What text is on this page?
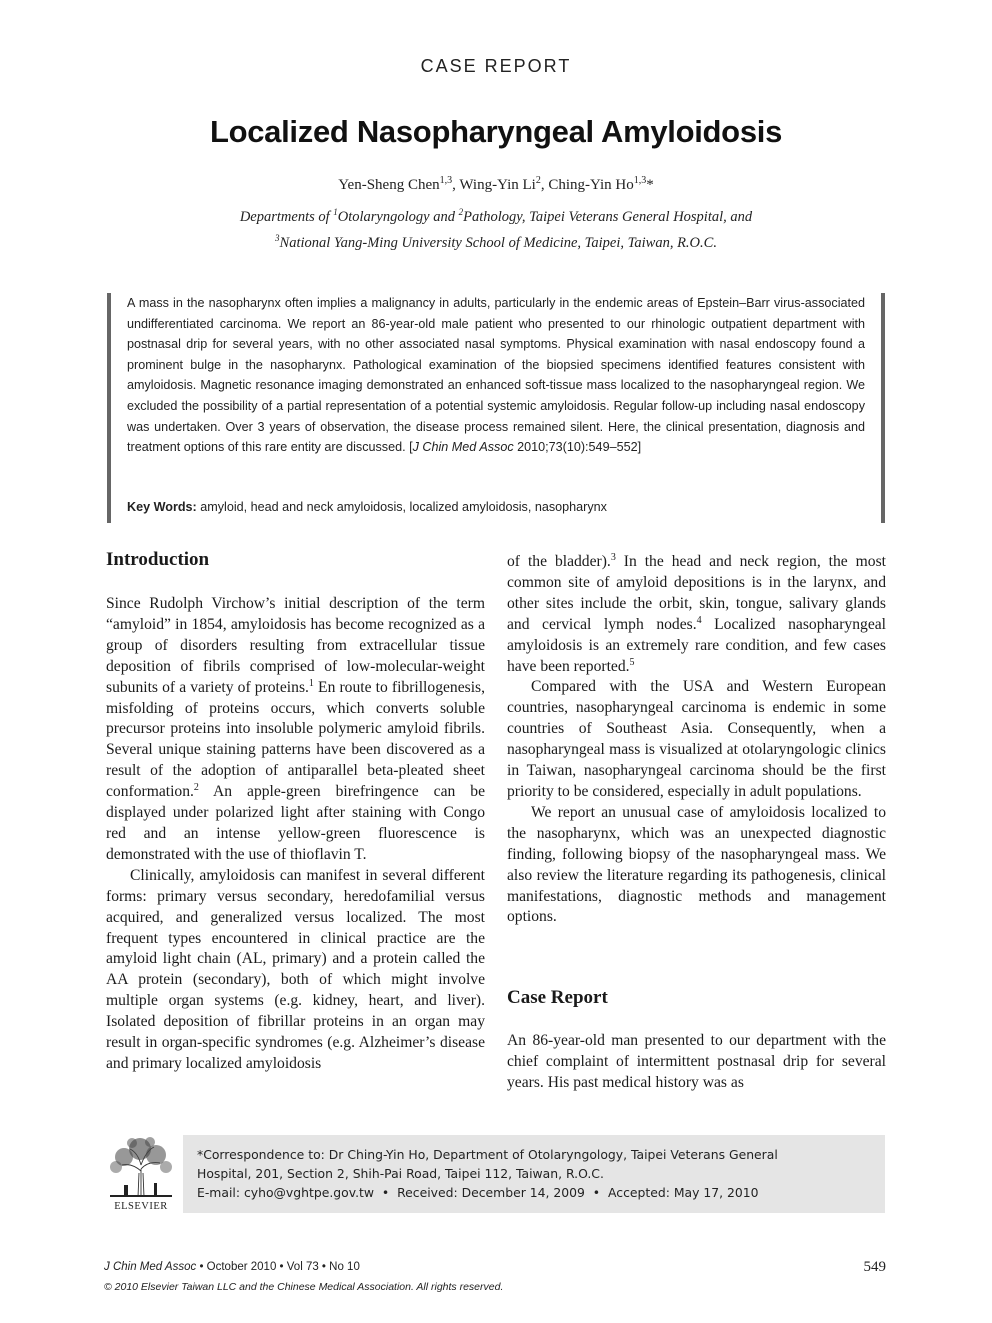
CASE REPORT
Localized Nasopharyngeal Amyloidosis
Yen-Sheng Chen$^{1,3}$, Wing-Yin Li$^2$, Ching-Yin Ho$^{1,3}$*
Departments of $^1$Otolaryngology and $^2$Pathology, Taipei Veterans General Hospital, and
$^3$National Yang-Ming University School of Medicine, Taipei, Taiwan, R.O.C.
A mass in the nasopharynx often implies a malignancy in adults, particularly in the endemic areas of Epstein–Barr virus-associated undifferentiated carcinoma. We report an 86-year-old male patient who presented to our rhinologic outpatient department with postnasal drip for several years, with no other associated nasal symptoms. Physical examination with nasal endoscopy found a prominent bulge in the nasopharynx. Pathological examination of the biopsied specimens identified features consistent with amyloidosis. Magnetic resonance imaging demonstrated an enhanced soft-tissue mass localized to the nasopharyngeal region. We excluded the possibility of a partial representation of a potential systemic amyloidosis. Regular follow-up including nasal endoscopy was undertaken. Over 3 years of observation, the disease process remained silent. Here, the clinical presentation, diagnosis and treatment options of this rare entity are discussed. [J Chin Med Assoc 2010;73(10):549–552]
Key Words: amyloid, head and neck amyloidosis, localized amyloidosis, nasopharynx
Introduction

Since Rudolph Virchow’s initial description of the term “amyloid” in 1854, amyloidosis has become recognized as a group of disorders resulting from extracellular tissue deposition of fibrils comprised of low-molecular-weight subunits of a variety of proteins.$^1$ En route to fibrillogenesis, misfolding of proteins occurs, which converts soluble precursor proteins into insoluble polymeric amyloid fibrils. Several unique staining patterns have been discovered as a result of the adoption of antiparallel beta-pleated sheet conformation.$^2$ An apple-green birefringence can be displayed under polarized light after staining with Congo red and an intense yellow-green fluorescence is demonstrated with the use of thioflavin T.

Clinically, amyloidosis can manifest in several different forms: primary versus secondary, heredofamilial versus acquired, and generalized versus localized. The most frequent types encountered in clinical practice are the amyloid light chain (AL, primary) and a protein called the AA protein (secondary), both of which might involve multiple organ systems (e.g. kidney, heart, and liver). Isolated deposition of fibrillar proteins in an organ may result in organ-specific syndromes (e.g. Alzheimer’s disease and primary localized amyloidosis

of the bladder).$^3$ In the head and neck region, the most common site of amyloid depositions is in the larynx, and other sites include the orbit, skin, tongue, salivary glands and cervical lymph nodes.$^4$ Localized nasopharyngeal amyloidosis is an extremely rare condition, and few cases have been reported.$^5$

Compared with the USA and Western European countries, nasopharyngeal carcinoma is endemic in some countries of Southeast Asia. Consequently, when a nasopharyngeal mass is visualized at otolaryngologic clinics in Taiwan, nasopharyngeal carcinoma should be the first priority to be considered, especially in adult populations.

We report an unusual case of amyloidosis localized to the nasopharynx, which was an unexpected diagnostic finding, following biopsy of the nasopharyngeal mass. We also review the literature regarding its pathogenesis, clinical manifestations, diagnostic methods and management options.

Case Report

An 86-year-old man presented to our department with the chief complaint of intermittent postnasal drip for several years. His past medical history was as

ELSEVIER
*Correspondence to: Dr Ching-Yin Ho, Department of Otolaryngology, Taipei Veterans General
Hospital, 201, Section 2, Shih-Pai Road, Taipei 112, Taiwan, R.O.C.
E-mail: cyho@vghtpe.gov.tw  •  Received: December 14, 2009  •  Accepted: May 17, 2010
J Chin Med Assoc • October 2010 • Vol 73 • No 10
© 2010 Elsevier Taiwan LLC and the Chinese Medical Association. All rights reserved.
549
